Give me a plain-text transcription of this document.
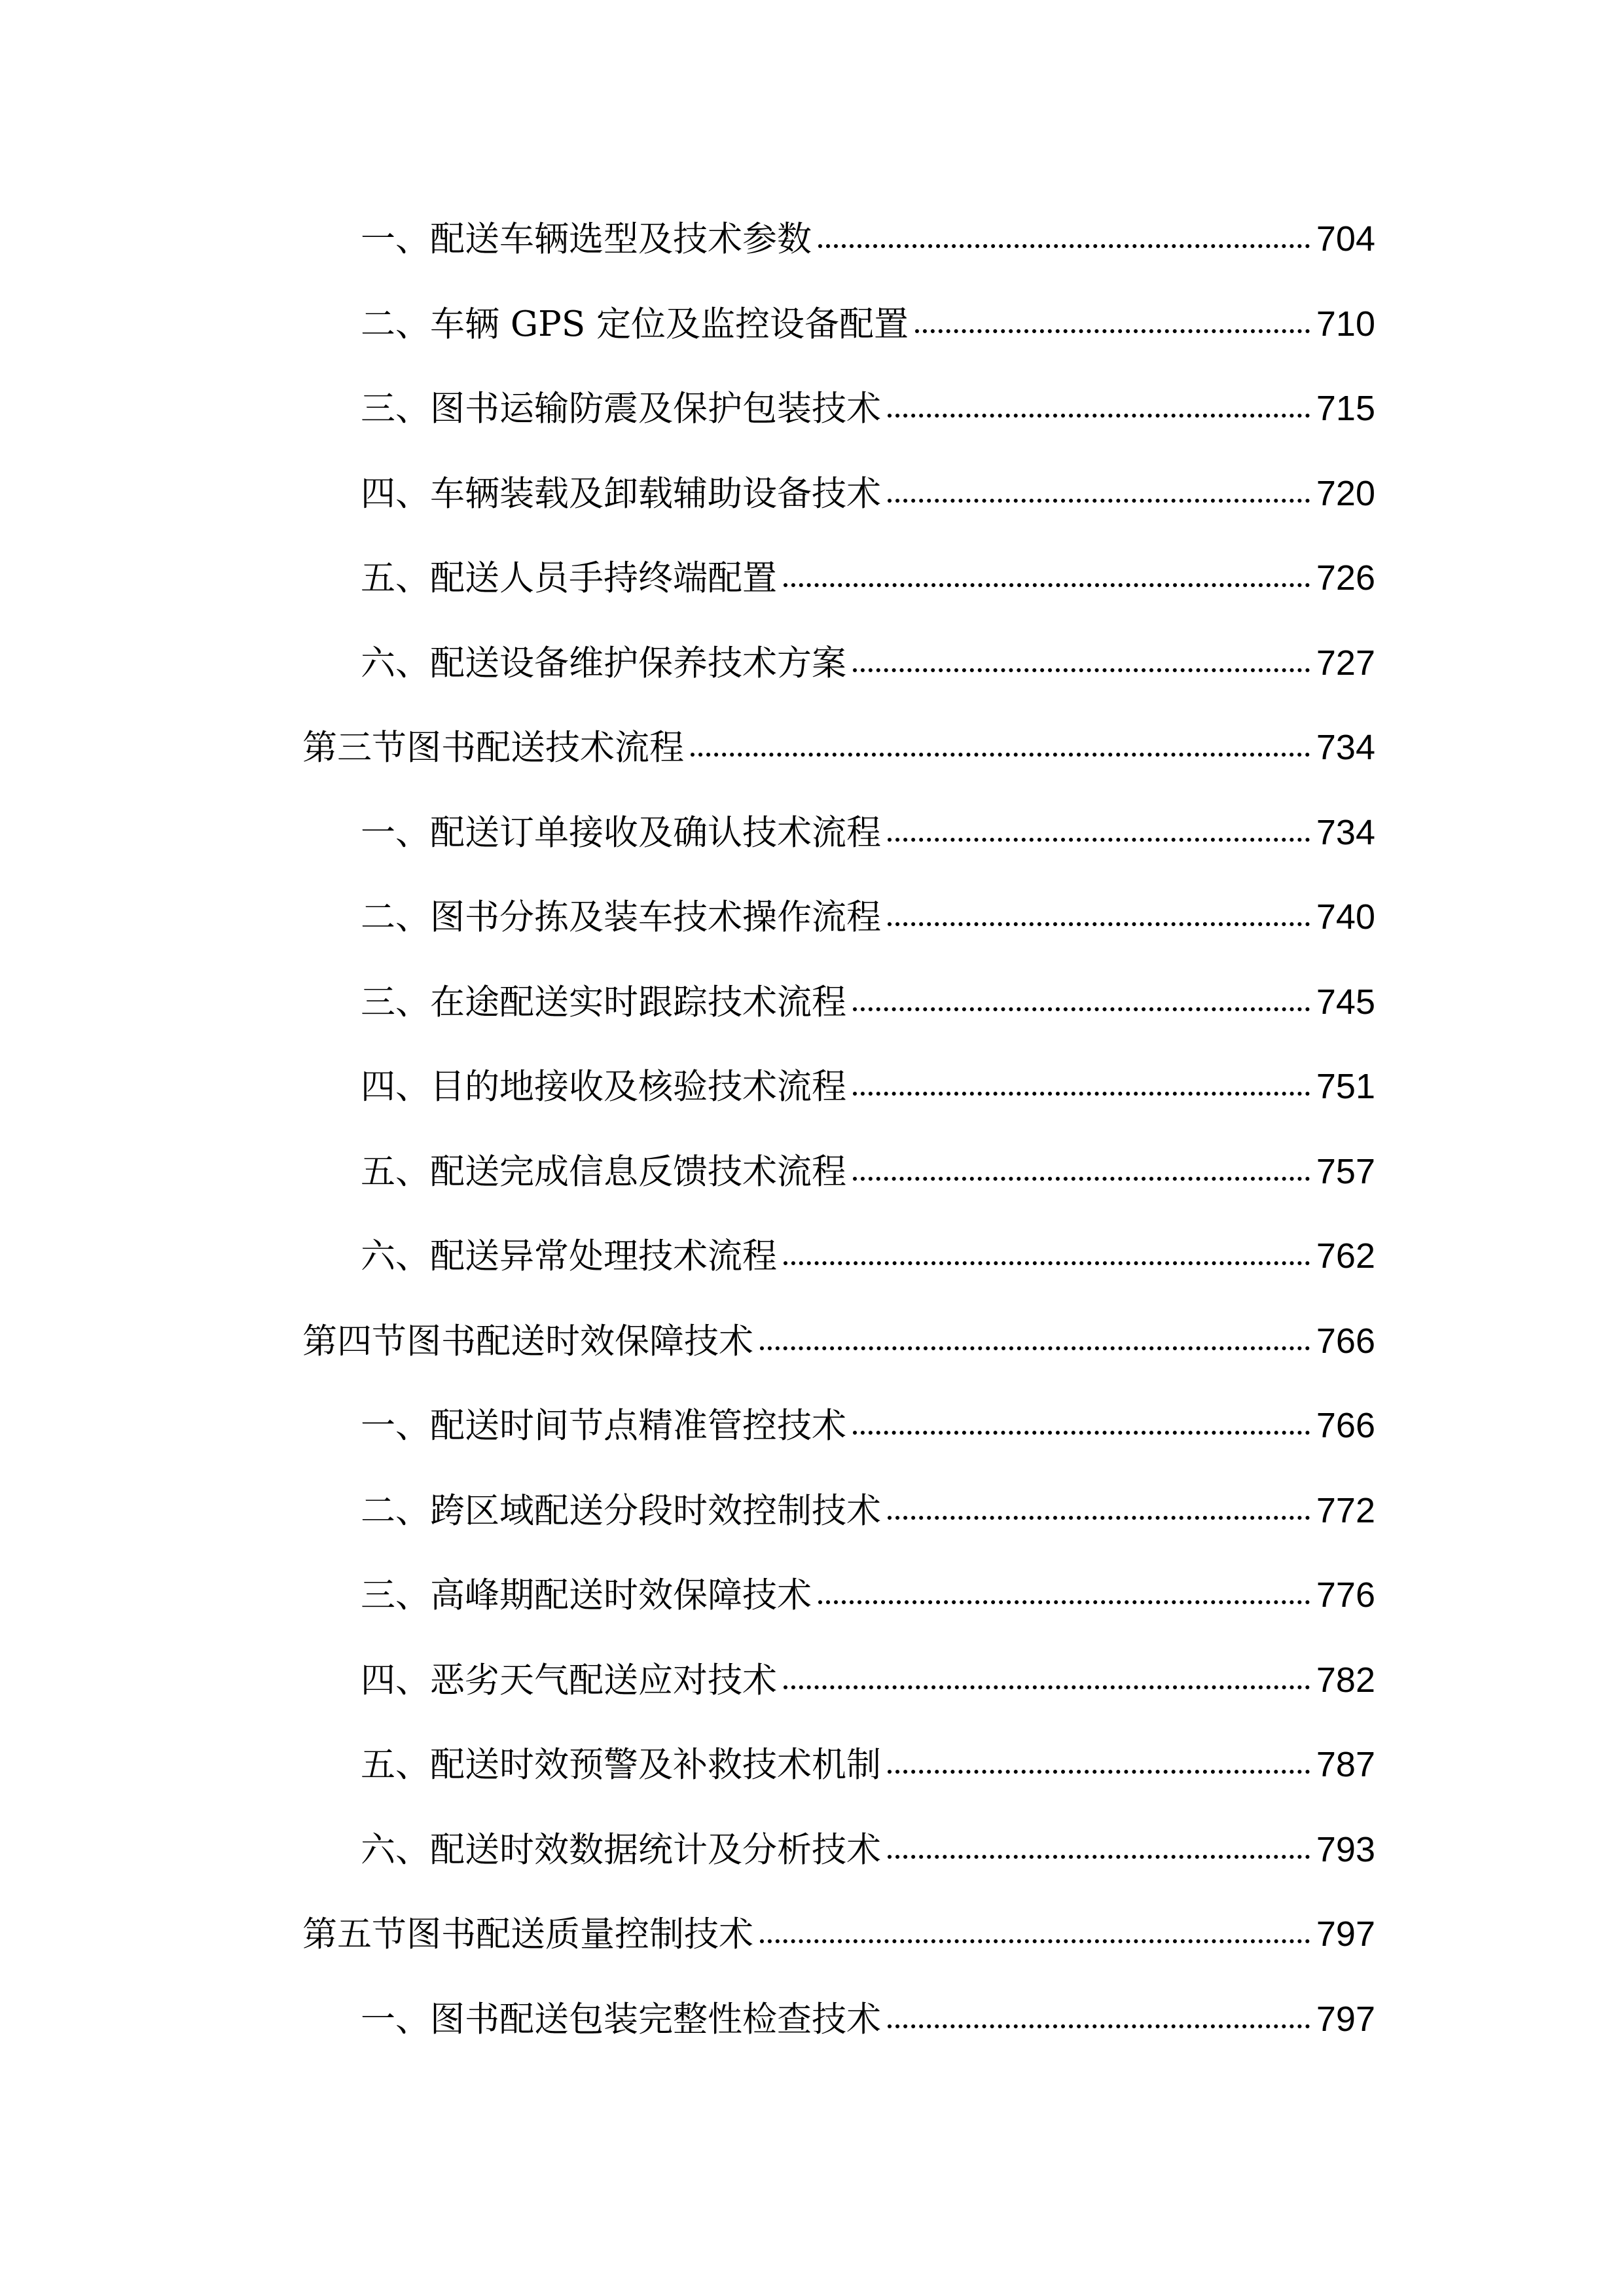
一、配送车辆选型及技术参数	704
二、车辆 GPS 定位及监控设备配置	710
三、图书运输防震及保护包装技术	715
四、车辆装载及卸载辅助设备技术	720
五、配送人员手持终端配置	726
六、配送设备维护保养技术方案	727
第三节图书配送技术流程	734
一、配送订单接收及确认技术流程	734
二、图书分拣及装车技术操作流程	740
三、在途配送实时跟踪技术流程	745
四、目的地接收及核验技术流程	751
五、配送完成信息反馈技术流程	757
六、配送异常处理技术流程	762
第四节图书配送时效保障技术	766
一、配送时间节点精准管控技术	766
二、跨区域配送分段时效控制技术	772
三、高峰期配送时效保障技术	776
四、恶劣天气配送应对技术	782
五、配送时效预警及补救技术机制	787
六、配送时效数据统计及分析技术	793
第五节图书配送质量控制技术	797
一、图书配送包装完整性检查技术	797
